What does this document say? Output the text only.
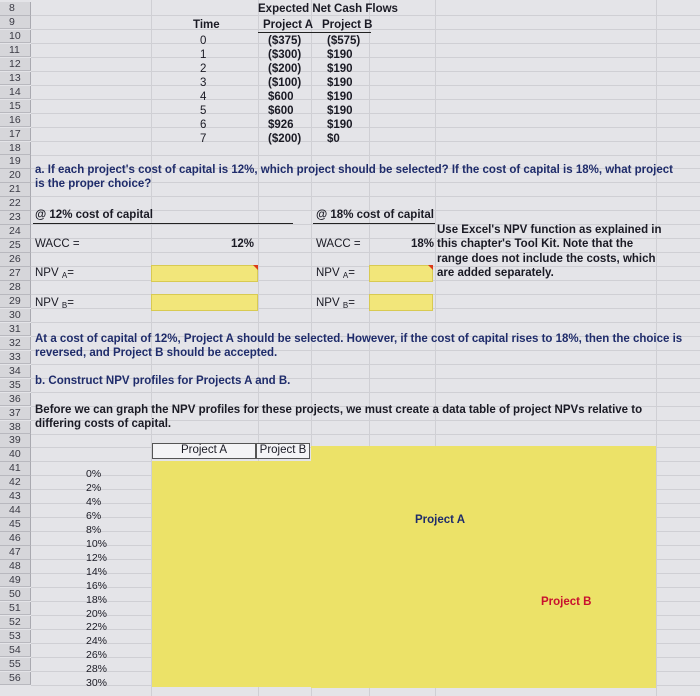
8
9
10
11
12
13
14
15
16
17
18
19
20
21
22
23
24
25
26
27
28
29
30
31
32
33
34
35
36
37
38
39
40
41
42
43
44
45
46
47
48
49
50
51
52
53
54
55
56
Expected Net Cash Flows
Time	Project A Project B
0	($375) ($575)
1	($300) $190
2	($200) $190
3	($100) $190
4	$600	$190
5	$600	$190
6	$926	$190
7	($200) $0
a. If each project's cost of capital is 12%, which project should be selected? If the cost of capital is 18%, what project
is the proper choice?
@ 12% cost of capital	@ 18% cost of capital
WACC =	12%	WACC =	18%
Use Excel's NPV function as explained in
this chapter's Tool Kit. Note that the
range does not include the costs, which
are added separately.
NPV $_A$=	NPV $_A$=
NPV $_B$=	NPV $_B$=
At a cost of capital of 12%, Project A should be selected. However, if the cost of capital rises to 18%, then the choice is
reversed, and Project B should be accepted.
b. Construct NPV profiles for Projects A and B.
Before we can graph the NPV profiles for these projects, we must create a data table of project NPVs relative to
differing costs of capital.
Project A	Project B
0%
2%
4%
6%
8%
10%
12%
14%
16%
18%
20%
22%
24%
26%
28%
30%
Project A
Project B
